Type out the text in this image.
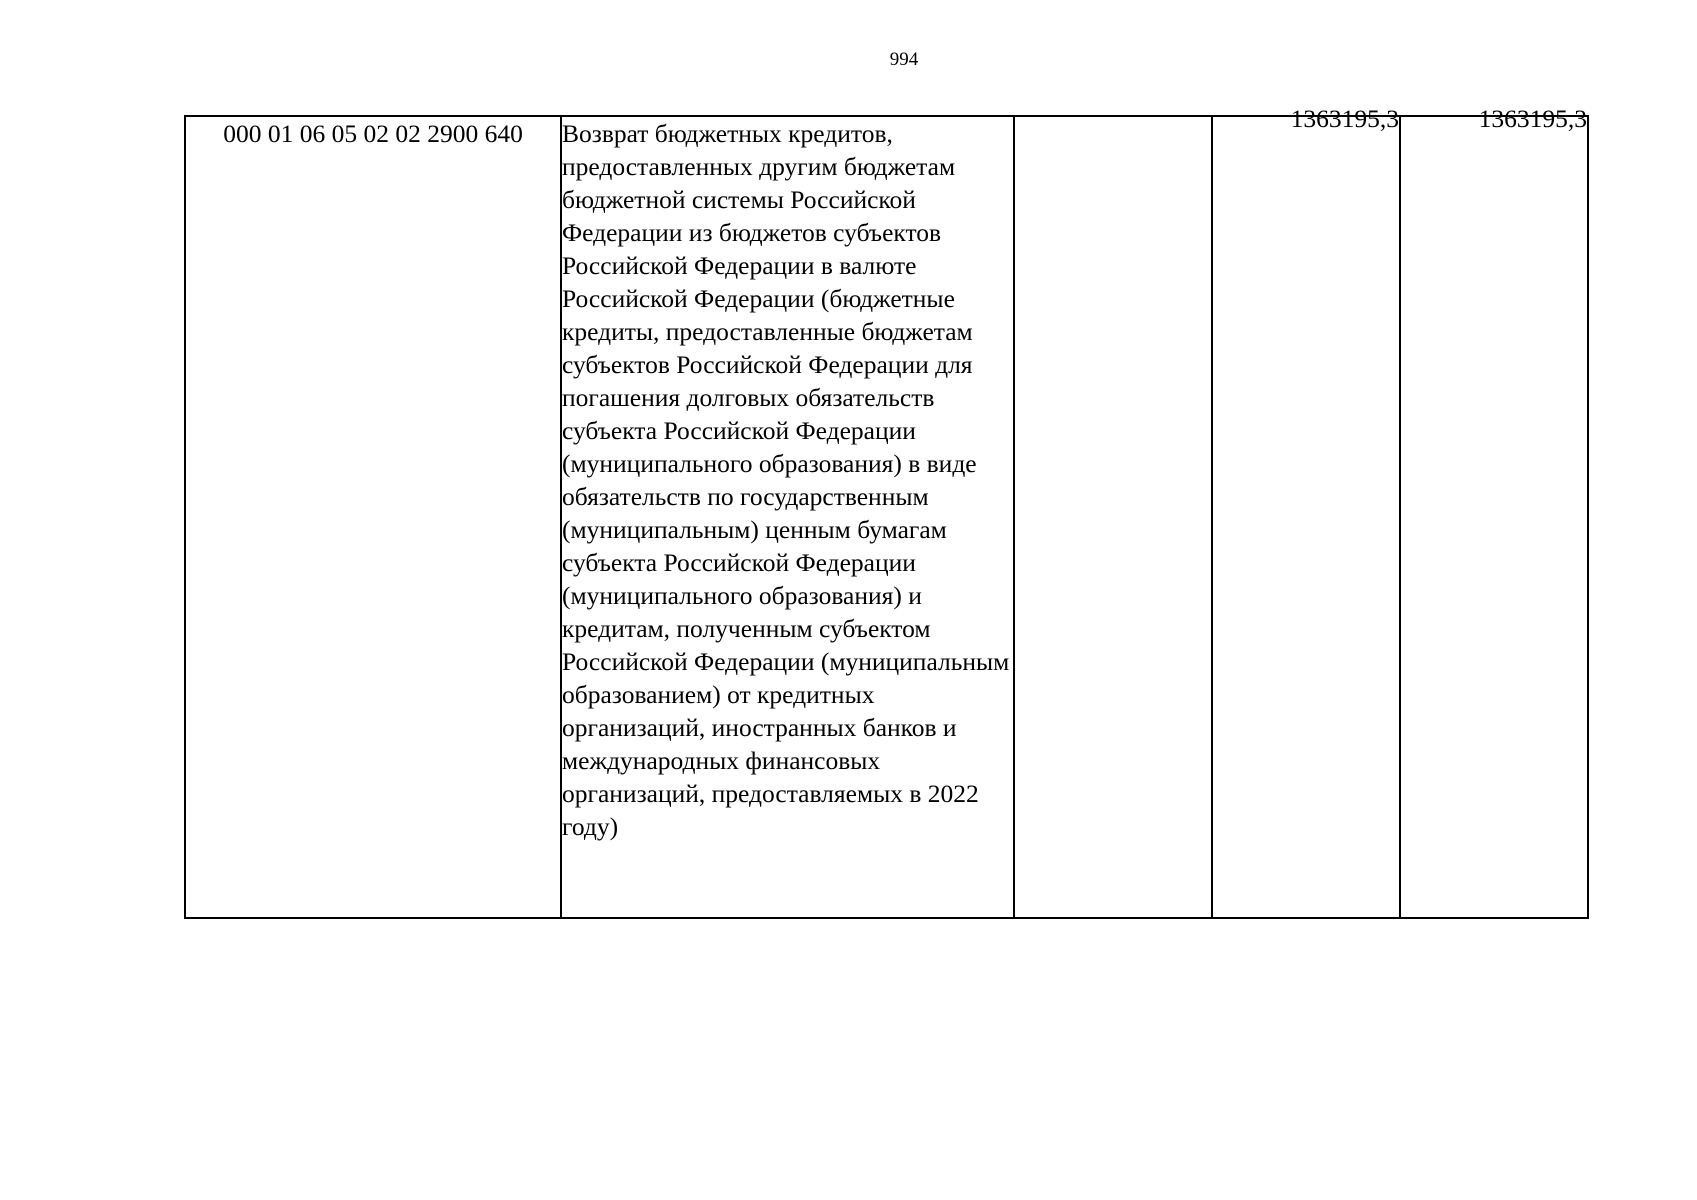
994
000 01 06 05 02 02 2900 640	Возврат бюджетных кредитов, предоставленных другим бюджетам бюджетной системы Российской Федерации из бюджетов субъектов Российской Федерации в валюте Российской Федерации (бюджетные кредиты, предоставленные бюджетам субъектов Российской Федерации для погашения долговых обязательств субъекта Российской Федерации (муниципального образования) в виде обязательств по государственным (муниципальным) ценным бумагам субъекта Российской Федерации (муниципального образования) и кредитам, полученным субъектом Российской Федерации (муниципальным образованием) от кредитных организаций, иностранных банков и международных финансовых организаций, предоставляемых в 2022 году)		1363195,3	1363195,3
